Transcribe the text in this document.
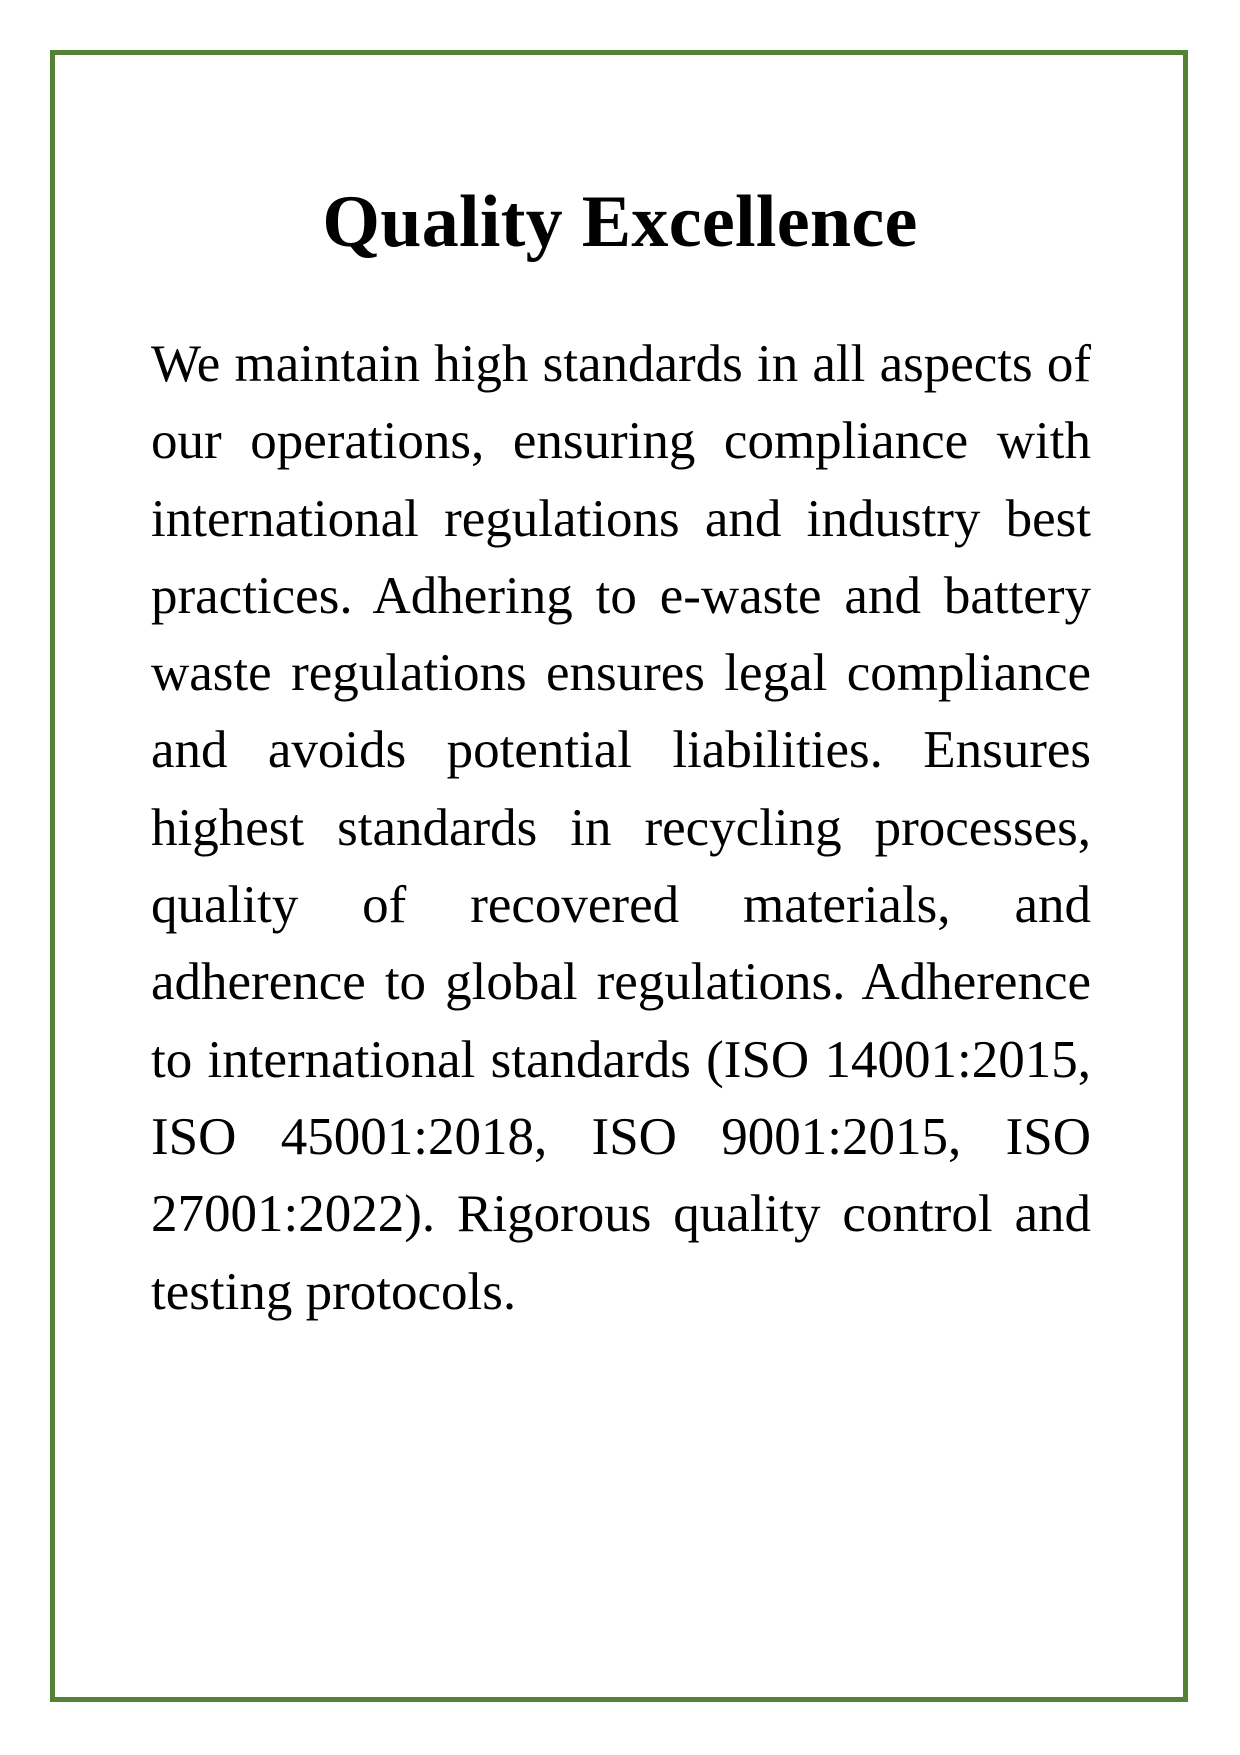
Quality Excellence

We maintain high standards in all aspects of our operations, ensuring compliance with international regulations and industry best practices. Adhering to e-waste and battery waste regulations ensures legal compliance and avoids potential liabilities. Ensures highest standards in recycling processes, quality of recovered materials, and adherence to global regulations. Adherence to international standards (ISO 14001:2015, ISO 45001:2018, ISO 9001:2015, ISO 27001:2022). Rigorous quality control and testing protocols.
